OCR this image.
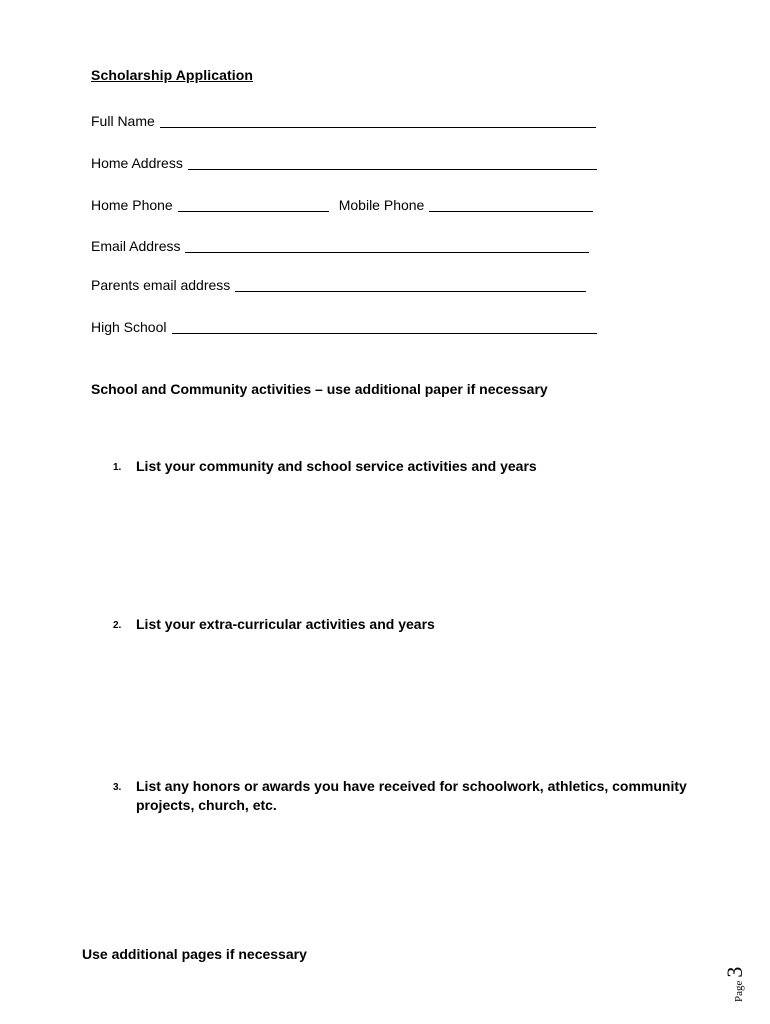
Scholarship Application
Full Name
Home Address
Home Phone	Mobile Phone
Email Address
Parents email address
High School
School and Community activities – use additional paper if necessary
1. List your community and school service activities and years
2. List your extra-curricular activities and years
3. List any honors or awards you have received for schoolwork, athletics, community projects, church, etc.
Use additional pages if necessary
Page3
